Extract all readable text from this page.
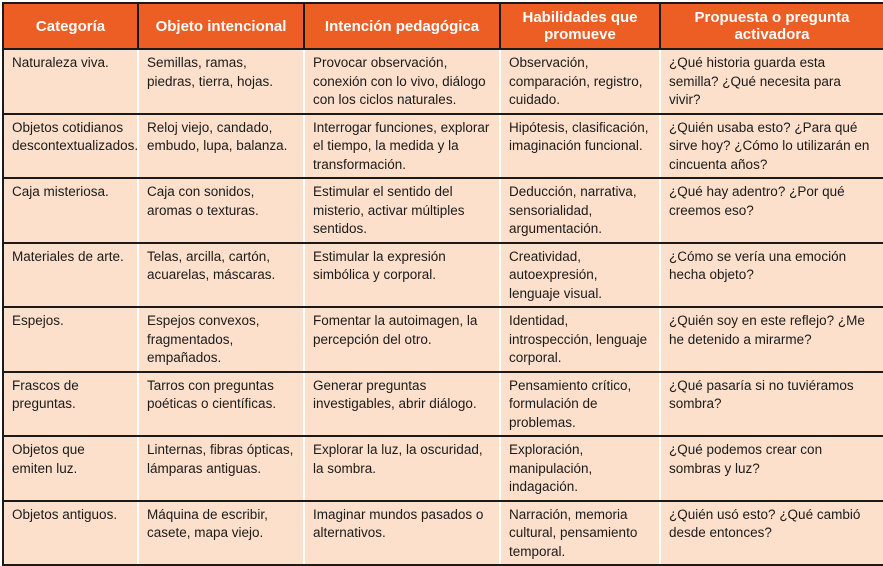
Categoría	Objeto intencional	Intención pedagógica	Habilidades que promueve	Propuesta o pregunta activadora
Naturaleza viva.	Semillas, ramas, piedras, tierra, hojas.	Provocar observación, conexión con lo vivo, diálogo con los ciclos naturales.	Observación, comparación, registro, cuidado.	¿Qué historia guarda esta semilla? ¿Qué necesita para vivir?
Objetos cotidianos descontextualizados.	Reloj viejo, candado, embudo, lupa, balanza.	Interrogar funciones, explorar el tiempo, la medida y la transformación.	Hipótesis, clasificación, imaginación funcional.	¿Quién usaba esto? ¿Para qué sirve hoy? ¿Cómo lo utilizarán en cincuenta años?
Caja misteriosa.	Caja con sonidos, aromas o texturas.	Estimular el sentido del misterio, activar múltiples sentidos.	Deducción, narrativa, sensorialidad, argumentación.	¿Qué hay adentro? ¿Por qué creemos eso?
Materiales de arte.	Telas, arcilla, cartón, acuarelas, máscaras.	Estimular la expresión simbólica y corporal.	Creatividad, autoexpresión, lenguaje visual.	¿Cómo se vería una emoción hecha objeto?
Espejos.	Espejos convexos, fragmentados, empañados.	Fomentar la autoimagen, la percepción del otro.	Identidad, introspección, lenguaje corporal.	¿Quién soy en este reflejo? ¿Me he detenido a mirarme?
Frascos de preguntas.	Tarros con preguntas poéticas o científicas.	Generar preguntas investigables, abrir diálogo.	Pensamiento crítico, formulación de problemas.	¿Qué pasaría si no tuviéramos sombra?
Objetos que emiten luz.	Linternas, fibras ópticas, lámparas antiguas.	Explorar la luz, la oscuridad, la sombra.	Exploración, manipulación, indagación.	¿Qué podemos crear con sombras y luz?
Objetos antiguos.	Máquina de escribir, casete, mapa viejo.	Imaginar mundos pasados o alternativos.	Narración, memoria cultural, pensamiento temporal.	¿Quién usó esto? ¿Qué cambió desde entonces?
